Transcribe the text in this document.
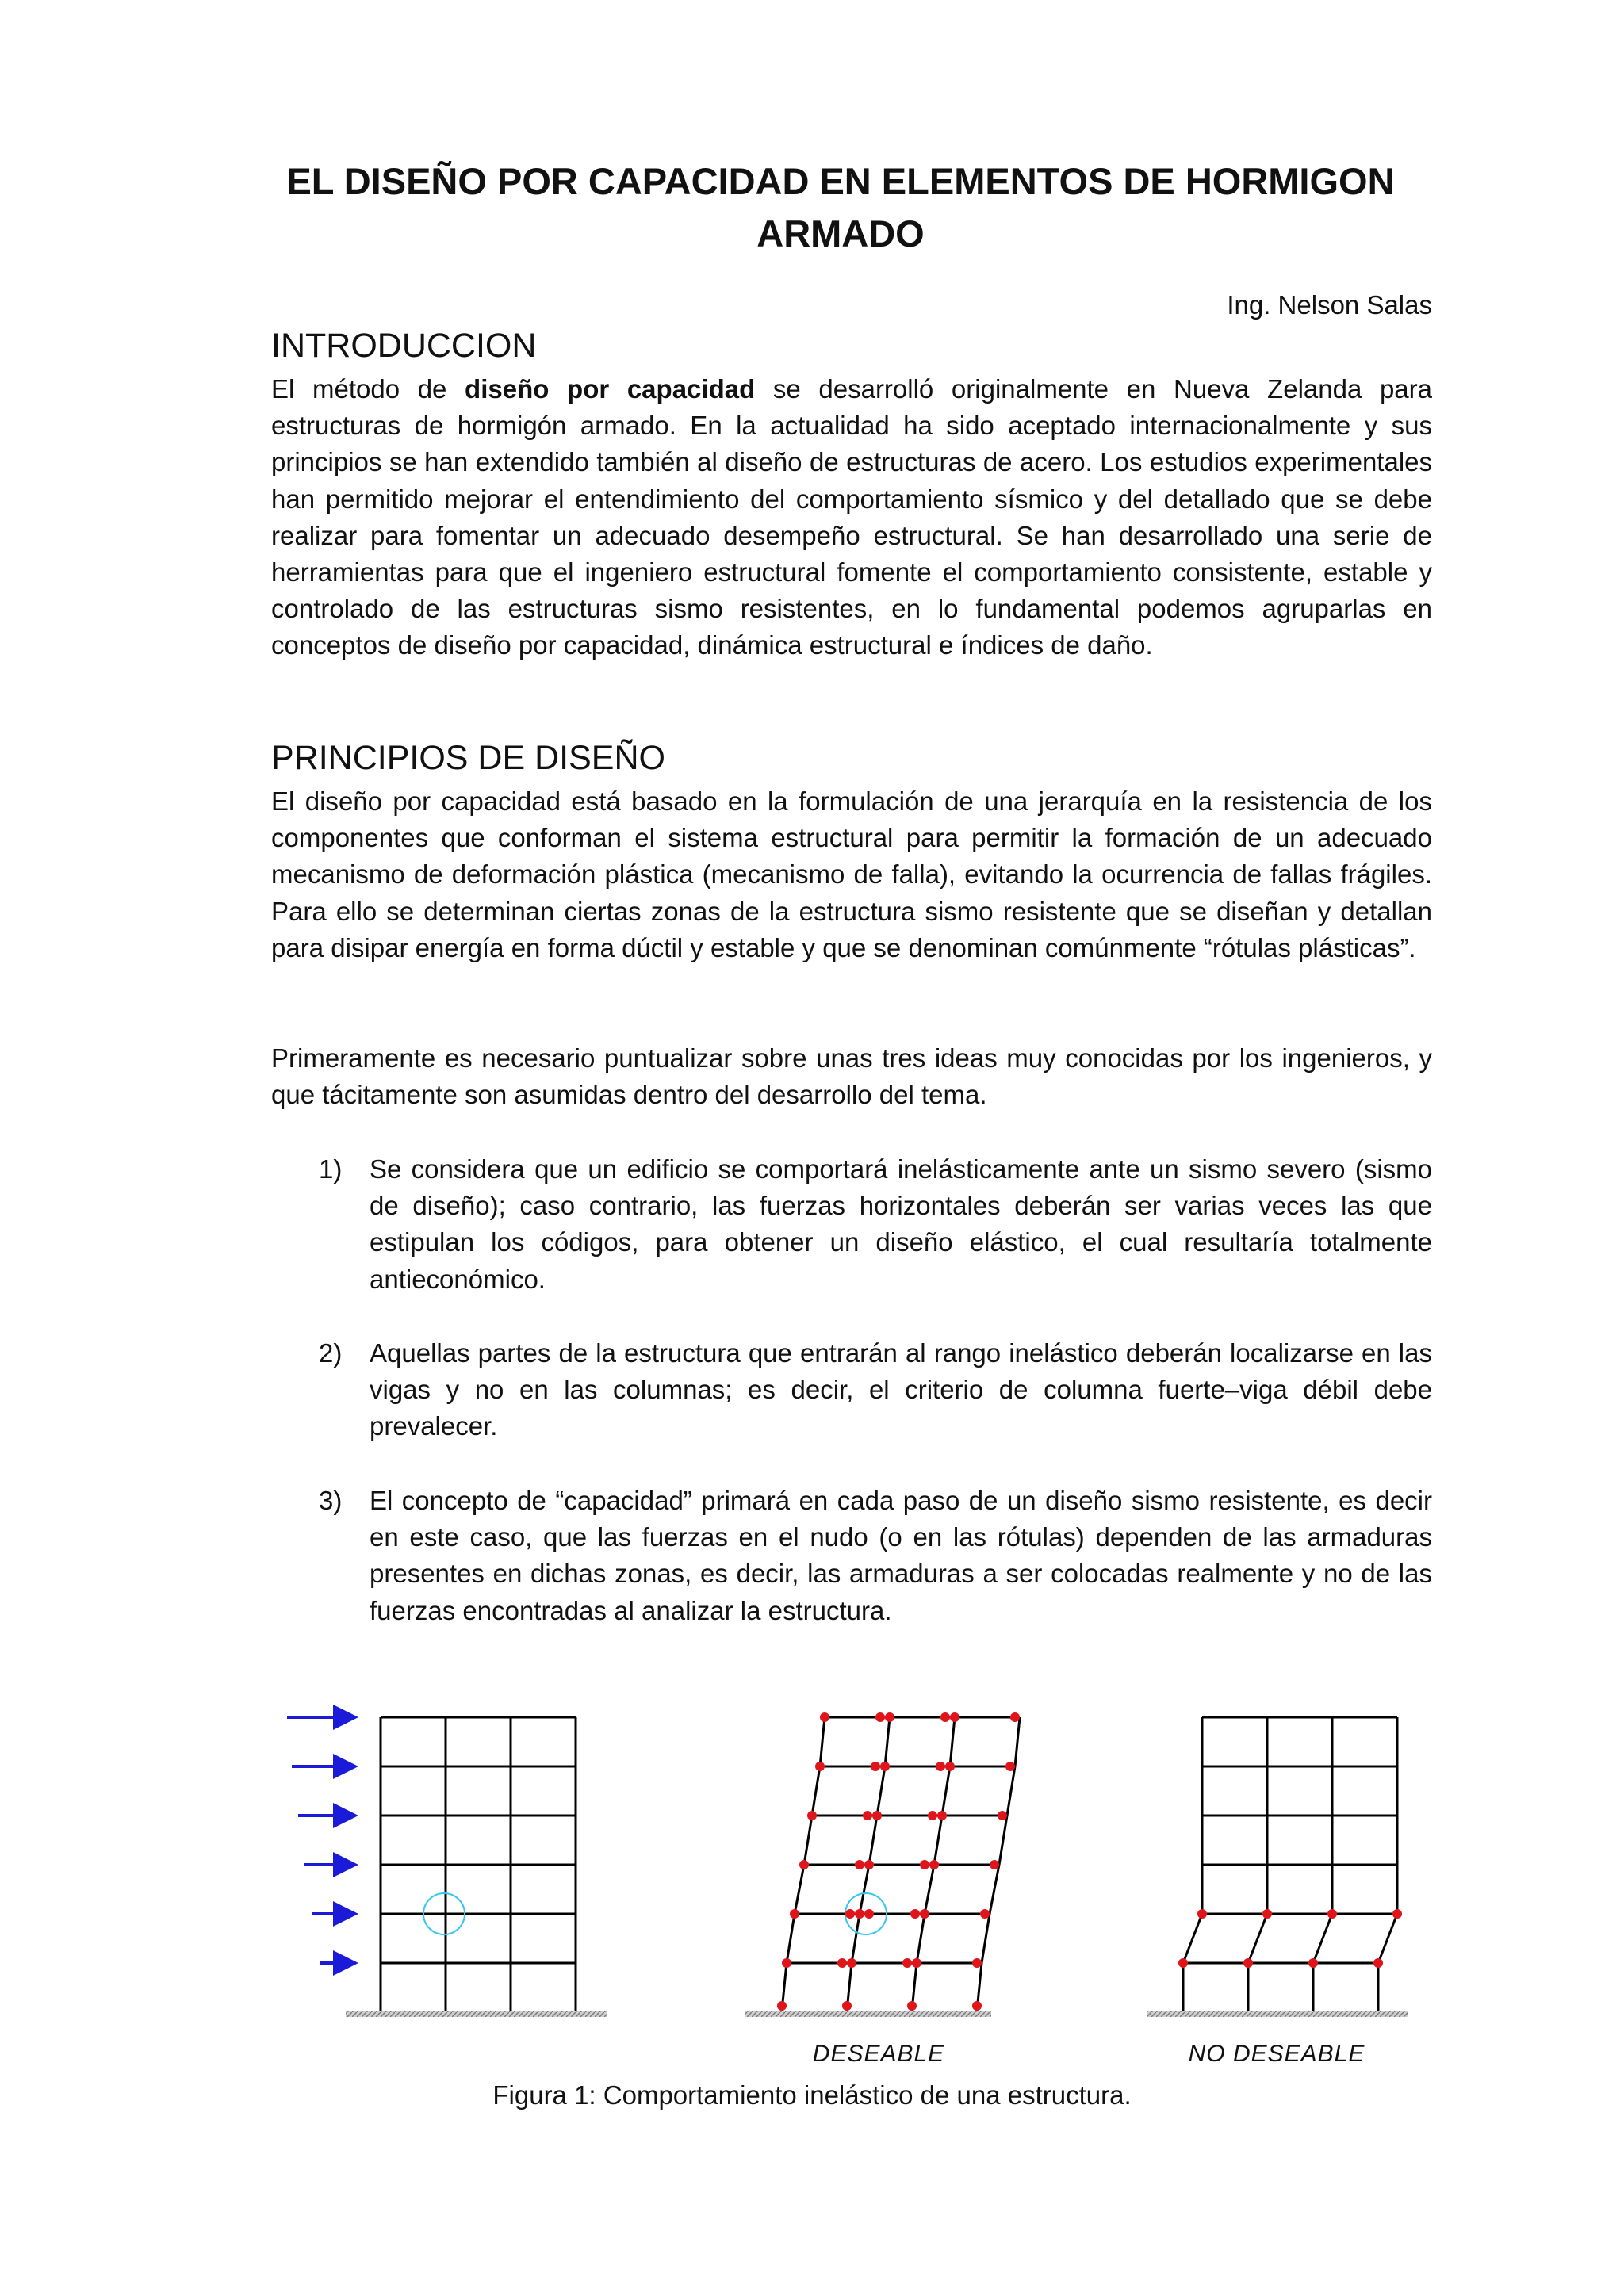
EL DISEÑO POR CAPACIDAD EN ELEMENTOS DE HORMIGON ARMADO

Ing. Nelson Salas

INTRODUCCION

El método de diseño por capacidad se desarrolló originalmente en Nueva Zelanda para estructuras de hormigón armado. En la actualidad ha sido aceptado internacionalmente y sus principios se han extendido también al diseño de estructuras de acero. Los estudios experimentales han permitido mejorar el entendimiento del comportamiento sísmico y del detallado que se debe realizar para fomentar un adecuado desempeño estructural. Se han desarrollado una serie de herramientas para que el ingeniero estructural fomente el comportamiento consistente, estable y controlado de las estructuras sismo resistentes, en lo fundamental podemos agruparlas en conceptos de diseño por capacidad, dinámica estructural e índices de daño.

PRINCIPIOS DE DISEÑO

El diseño por capacidad está basado en la formulación de una jerarquía en la resistencia de los componentes que conforman el sistema estructural para permitir la formación de un adecuado mecanismo de deformación plástica (mecanismo de falla), evitando la ocurrencia de fallas frágiles. Para ello se determinan ciertas zonas de la estructura sismo resistente que se diseñan y detallan para disipar energía en forma dúctil y estable y que se denominan comúnmente “rótulas plásticas”.

Primeramente es necesario puntualizar sobre unas tres ideas muy conocidas por los ingenieros, y que tácitamente son asumidas dentro del desarrollo del tema.

1)	Se considera que un edificio se comportará inelásticamente ante un sismo severo (sismo de diseño); caso contrario, las fuerzas horizontales deberán ser varias veces las que estipulan los códigos, para obtener un diseño elástico, el cual resultaría totalmente antieconómico.
2)	Aquellas partes de la estructura que entrarán al rango inelástico deberán localizarse en las vigas y no en las columnas; es decir, el criterio de columna fuerte–viga débil debe prevalecer.
3)	El concepto de “capacidad” primará en cada paso de un diseño sismo resistente, es decir en este caso, que las fuerzas en el nudo (o en las rótulas) dependen de las armaduras presentes en dichas zonas, es decir, las armaduras a ser colocadas realmente y no de las fuerzas encontradas al analizar la estructura.
DESEABLE	NO DESEABLE

Figura 1: Comportamiento inelástico de una estructura.
